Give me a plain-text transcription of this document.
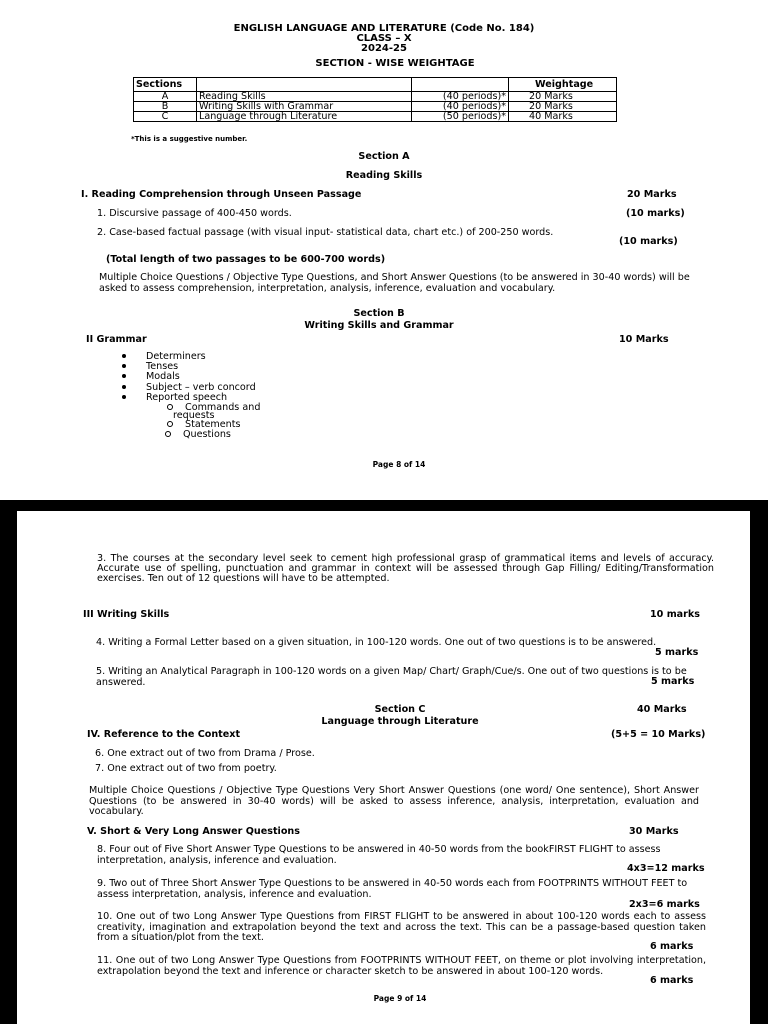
ENGLISH LANGUAGE AND LITERATURE (Code No. 184)
CLASS – X
2024-25
SECTION - WISE WEIGHTAGE
Sections			Weightage
A	Reading Skills	(40 periods)*	20 Marks
B	Writing Skills with Grammar	(40 periods)*	20 Marks
C	Language through Literature	(50 periods)*	40 Marks
*This is a suggestive number.
Section A
Reading Skills
I. Reading Comprehension through Unseen Passage	20 Marks
1. Discursive passage of 400-450 words.	(10 marks)
2. Case-based factual passage (with visual input- statistical data, chart etc.) of 200-250 words.
(10 marks)
(Total length of two passages to be 600-700 words)
Multiple Choice Questions / Objective Type Questions, and Short Answer Questions (to be answered in 30-40 words) will be asked to assess comprehension, interpretation, analysis, inference, evaluation and vocabulary.
Section B
Writing Skills and Grammar
II Grammar	10 Marks
Determiners
Tenses
Modals
Subject – verb concord
Reported speech
Commands and
requests
Statements
Questions
Page 8 of 14
3. The courses at the secondary level seek to cement high professional grasp of grammatical items and levels of accuracy. Accurate use of spelling, punctuation and grammar in context will be assessed through Gap Filling/ Editing/Transformation exercises. Ten out of 12 questions will have to be attempted.
III Writing Skills	10 marks
4. Writing a Formal Letter based on a given situation, in 100-120 words. One out of two questions is to be answered.
5 marks
5. Writing an Analytical Paragraph in 100-120 words on a given Map/ Chart/ Graph/Cue/s. One out of two questions is to be answered.	5 marks
Section C	40 Marks
Language through Literature
IV. Reference to the Context	(5+5 = 10 Marks)
6. One extract out of two from Drama / Prose.
7. One extract out of two from poetry.
Multiple Choice Questions / Objective Type Questions Very Short Answer Questions (one word/ One sentence), Short Answer Questions (to be answered in 30-40 words) will be asked to assess inference, analysis, interpretation, evaluation and vocabulary.
V. Short & Very Long Answer Questions	30 Marks
8. Four out of Five Short Answer Type Questions to be answered in 40-50 words from the bookFIRST FLIGHT to assess interpretation, analysis, inference and evaluation.
4x3=12 marks
9. Two out of Three Short Answer Type Questions to be answered in 40-50 words each from FOOTPRINTS WITHOUT FEET to assess interpretation, analysis, inference and evaluation.
2x3=6 marks
10. One out of two Long Answer Type Questions from FIRST FLIGHT to be answered in about 100-120 words each to assess creativity, imagination and extrapolation beyond the text and across the text. This can be a passage-based question taken from a situation/plot from the text.
6 marks
11. One out of two Long Answer Type Questions from FOOTPRINTS WITHOUT FEET, on theme or plot involving interpretation, extrapolation beyond the text and inference or character sketch to be answered in about 100-120 words.
6 marks
Page 9 of 14
